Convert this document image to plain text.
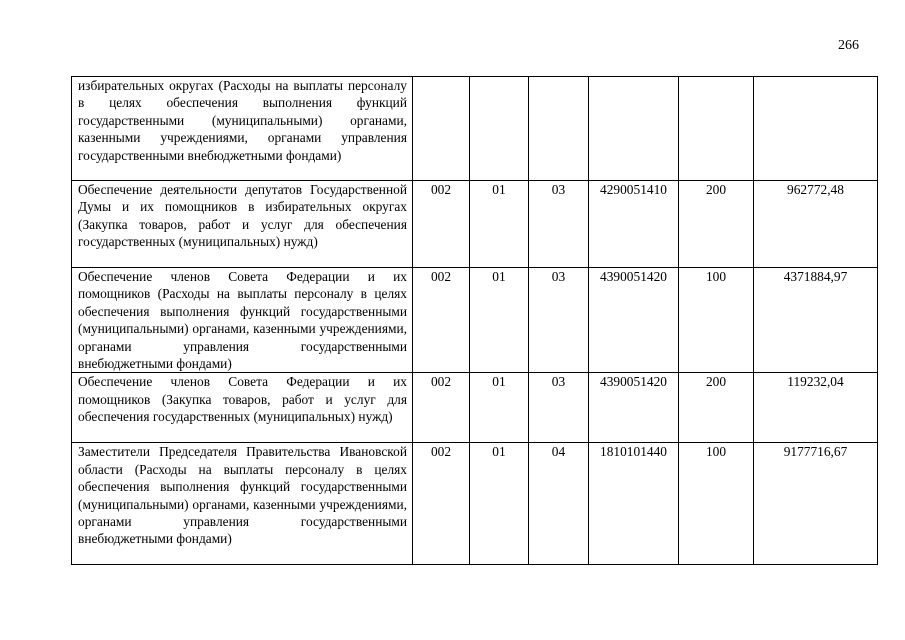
266
избирательных округах (Расходы на выплаты персоналу в целях обеспечения выполнения функций государственными (муниципальными) органами, казенными учреждениями, органами управления государственными внебюджетными фондами)						
Обеспечение деятельности депутатов Государственной Думы и их помощников в избирательных округах (Закупка товаров, работ и услуг для обеспечения государственных (муниципальных) нужд)	002	01	03	4290051410	200	962772,48
Обеспечение членов Совета Федерации и их помощников (Расходы на выплаты персоналу в целях обеспечения выполнения функций государственными (муниципальными) органами, казенными учреждениями, органами управления государственными внебюджетными фондами)	002	01	03	4390051420	100	4371884,97
Обеспечение членов Совета Федерации и их помощников (Закупка товаров, работ и услуг для обеспечения государственных (муниципальных) нужд)	002	01	03	4390051420	200	119232,04
Заместители Председателя Правительства Ивановской области (Расходы на выплаты персоналу в целях обеспечения выполнения функций государственными (муниципальными) органами, казенными учреждениями, органами управления государственными внебюджетными фондами)	002	01	04	1810101440	100	9177716,67
